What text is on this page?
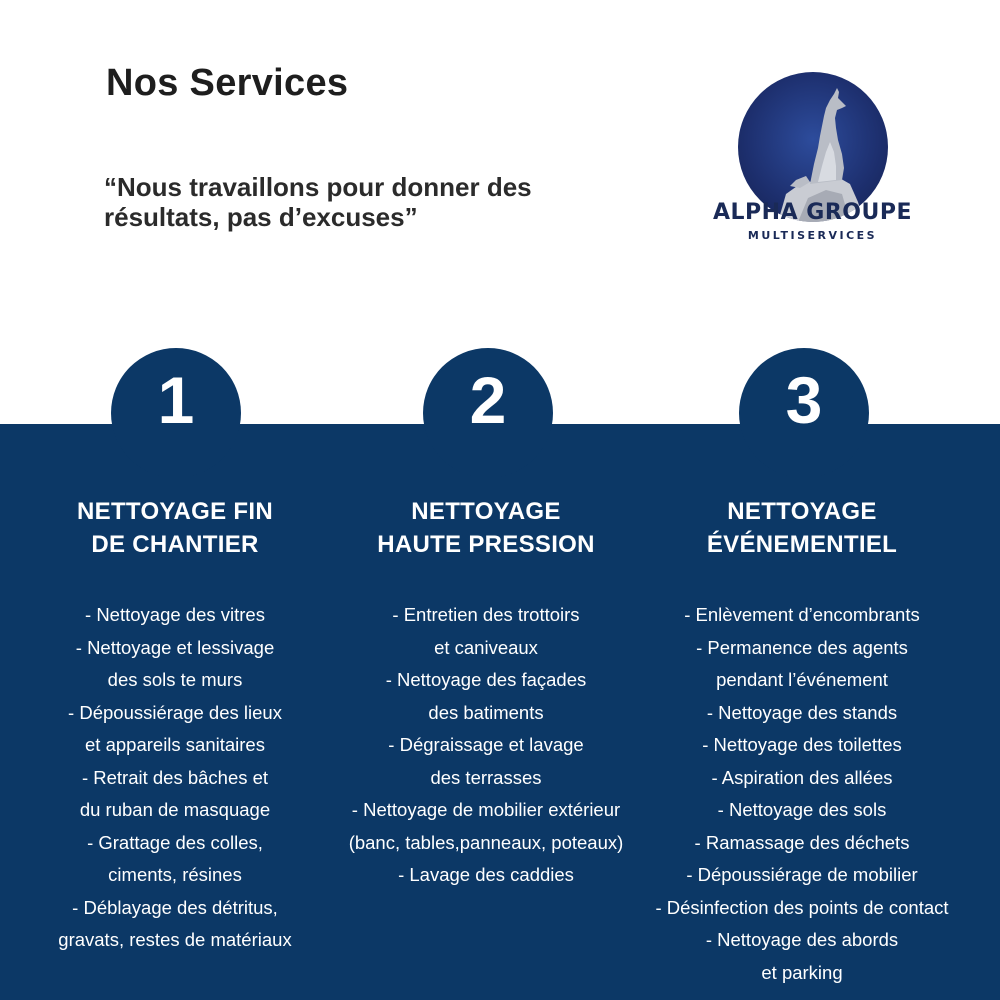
Nos Services

“Nous travaillons pour donner des
résultats, pas d’excuses”	ALPHA GROUPE
MULTISERVICES
1	2	3
NETTOYAGE FIN
DE CHANTIER
- Nettoyage des vitres
- Nettoyage et lessivage
des sols te murs
- Dépoussiérage des lieux
et appareils sanitaires
- Retrait des bâches et
du ruban de masquage
- Grattage des colles,
ciments, résines
- Déblayage des détritus,
gravats, restes de matériaux
NETTOYAGE
HAUTE PRESSION
- Entretien des trottoirs
et caniveaux
- Nettoyage des façades
des batiments
- Dégraissage et lavage
des terrasses
- Nettoyage de mobilier extérieur
(banc, tables,panneaux, poteaux)
- Lavage des caddies
NETTOYAGE
ÉVÉNEMENTIEL
- Enlèvement d’encombrants
- Permanence des agents
pendant l’événement
- Nettoyage des stands
- Nettoyage des toilettes
- Aspiration des allées
- Nettoyage des sols
- Ramassage des déchets
- Dépoussiérage de mobilier
- Désinfection des points de contact
- Nettoyage des abords
et parking
